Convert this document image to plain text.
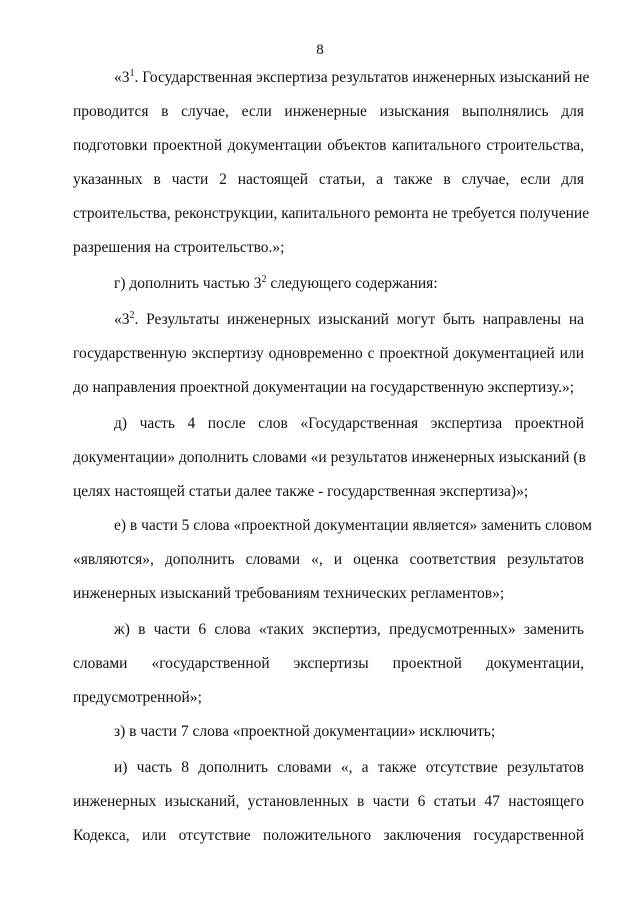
8
«$3^1$. Государственная экспертиза результатов инженерных изысканий не
проводится в случае, если инженерные изыскания выполнялись для
подготовки проектной документации объектов капитального строительства,
указанных в части 2 настоящей статьи, а также в случае, если для
строительства, реконструкции, капитального ремонта не требуется получение
разрешения на строительство.»;
г) дополнить частью $3^2$ следующего содержания:
«$3^2$. Результаты инженерных изысканий могут быть направлены на
государственную экспертизу одновременно с проектной документацией или
до направления проектной документации на государственную экспертизу.»;
д) часть 4 после слов «Государственная экспертиза проектной
документации» дополнить словами «и результатов инженерных изысканий (в
целях настоящей статьи далее также - государственная экспертиза)»;
е) в части 5 слова «проектной документации является» заменить словом
«являются», дополнить словами «, и оценка соответствия результатов
инженерных изысканий требованиям технических регламентов»;
ж) в части 6 слова «таких экспертиз, предусмотренных» заменить
словами «государственной экспертизы проектной документации,
предусмотренной»;
з) в части 7 слова «проектной документации» исключить;
и) часть 8 дополнить словами «, а также отсутствие результатов
инженерных изысканий, установленных в части 6 статьи 47 настоящего
Кодекса, или отсутствие положительного заключения государственной
